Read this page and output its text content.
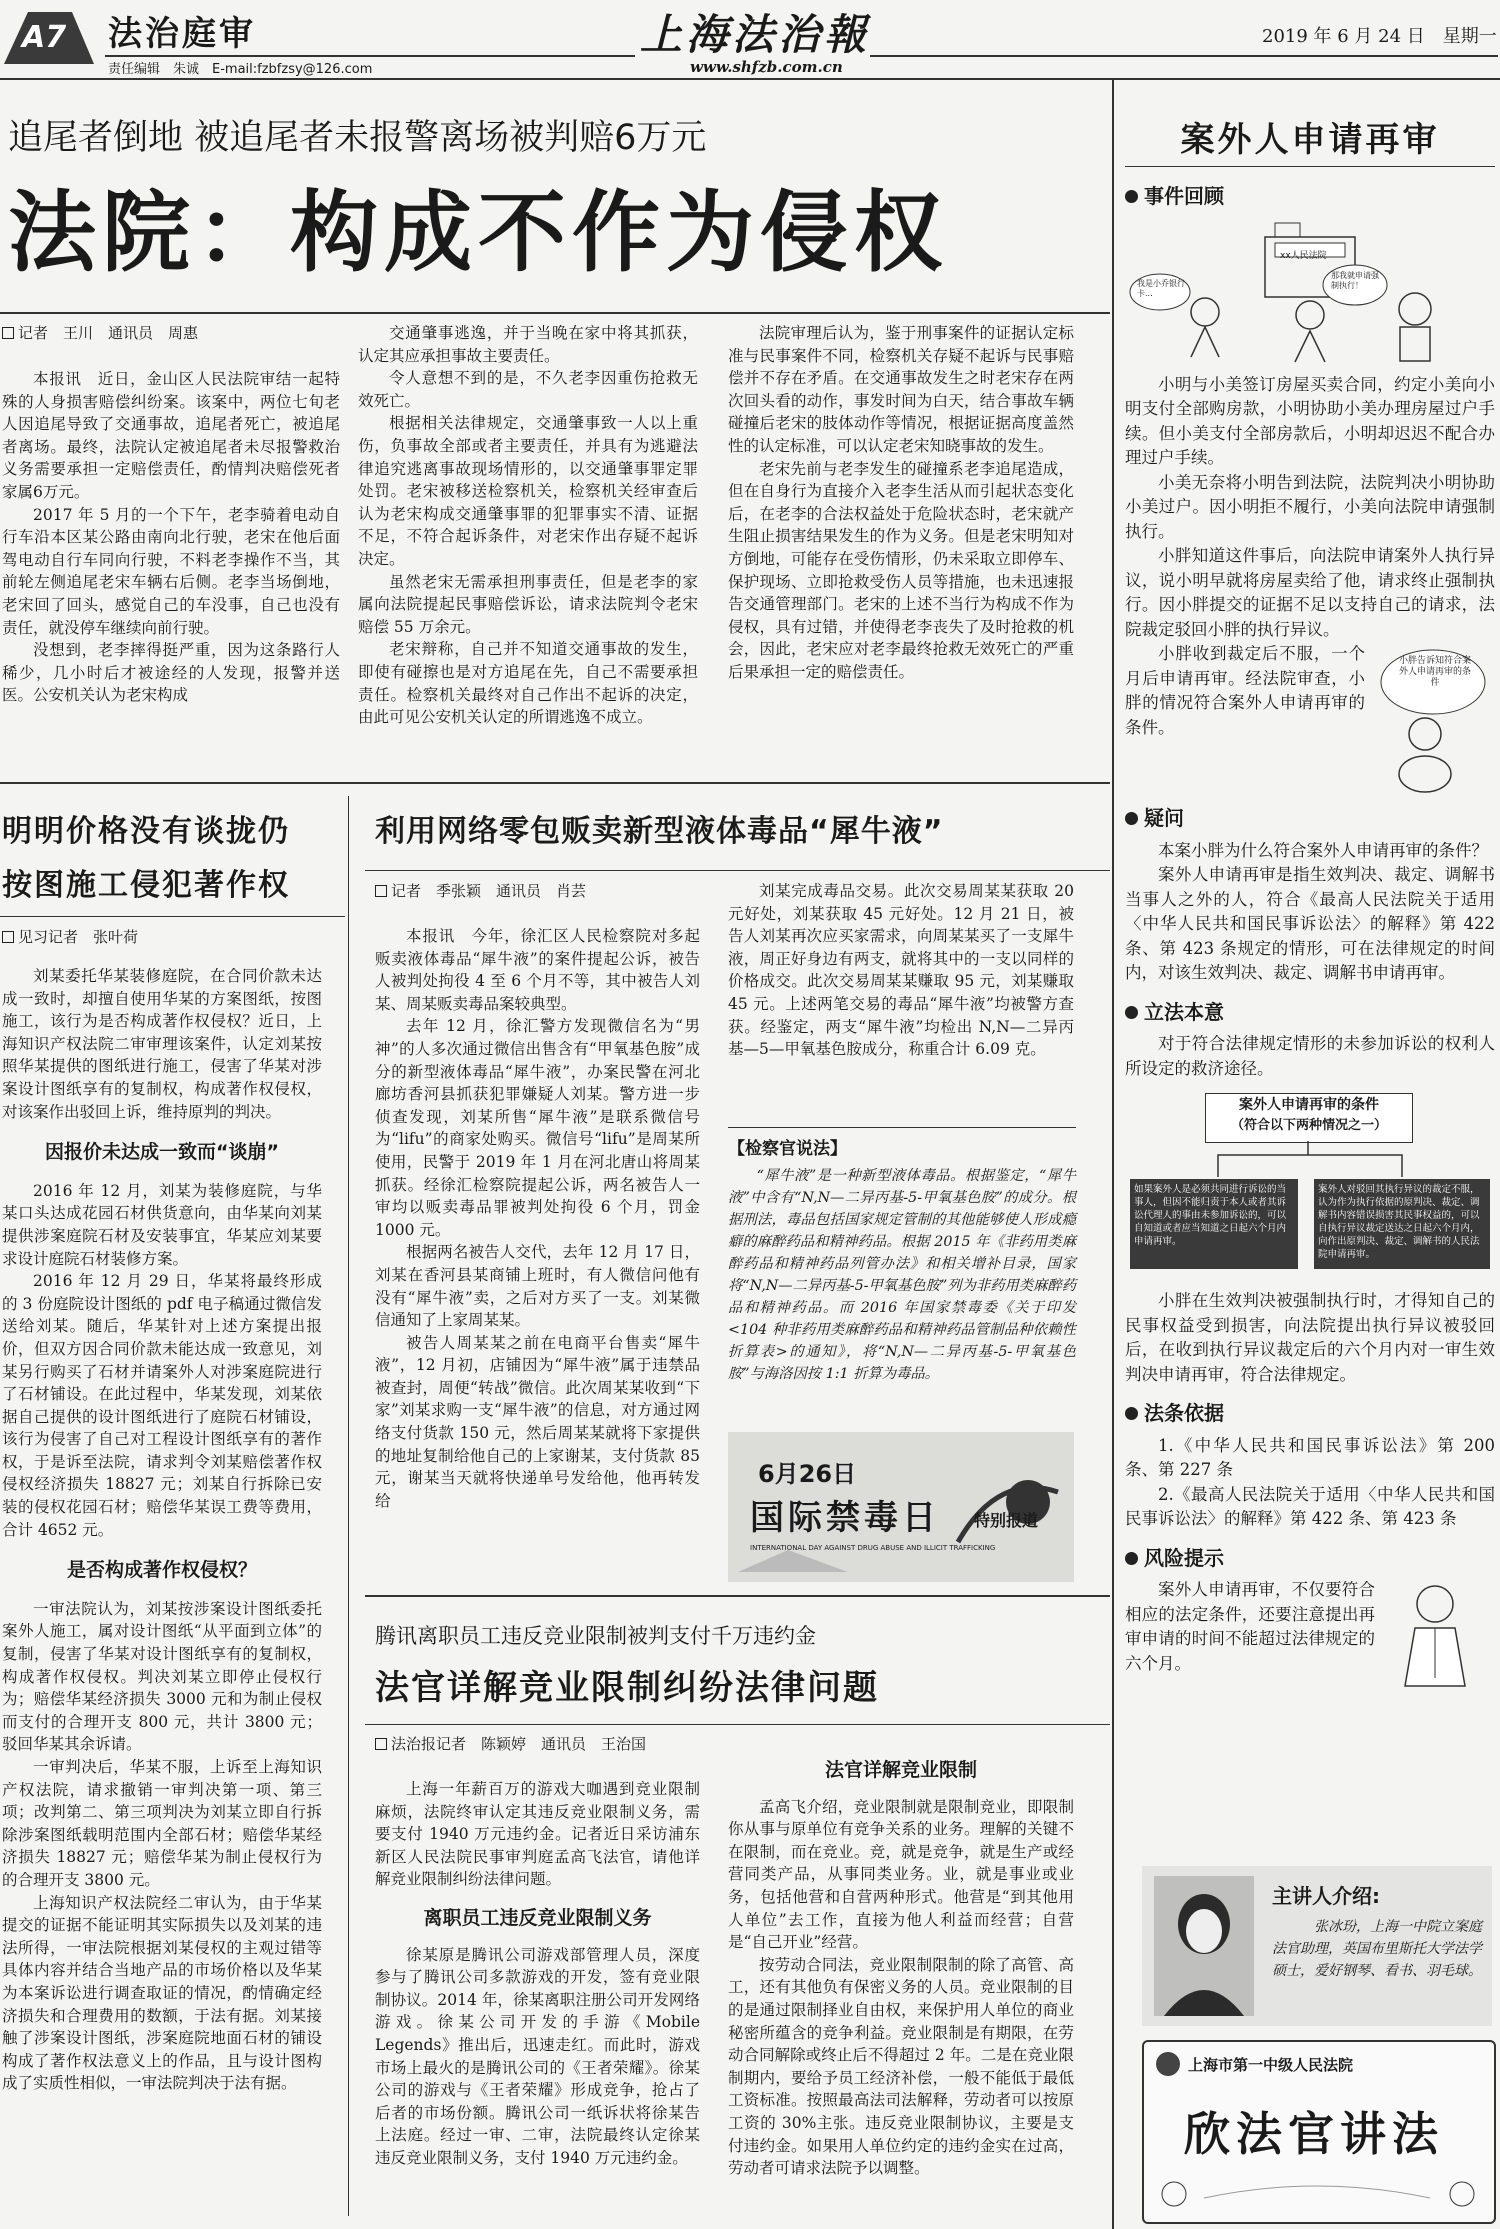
A7 法治庭审
责任编辑　朱诚　E-mail:fzbfzsy@126.com
上海法治報
www.shfzb.com.cn
2019 年 6 月 24 日　星期一
追尾者倒地 被追尾者未报警离场被判赔6万元
法院：构成不作为侵权
记者　王川　通讯员　周惠

本报讯　近日，金山区人民法院审结一起特殊的人身损害赔偿纠纷案。该案中，两位七旬老人因追尾导致了交通事故，追尾者死亡，被追尾者离场。最终，法院认定被追尾者未尽报警救治义务需要承担一定赔偿责任，酌情判决赔偿死者家属6万元。

2017 年 5 月的一个下午，老李骑着电动自行车沿本区某公路由南向北行驶，老宋在他后面驾电动自行车同向行驶，不料老李操作不当，其前轮左侧追尾老宋车辆右后侧。老李当场倒地，老宋回了回头，感觉自己的车没事，自己也没有责任，就没停车继续向前行驶。

没想到，老李摔得挺严重，因为这条路行人稀少，几小时后才被途经的人发现，报警并送医。公安机关认为老宋构成

交通肇事逃逸，并于当晚在家中将其抓获，认定其应承担事故主要责任。

令人意想不到的是，不久老李因重伤抢救无效死亡。

根据相关法律规定，交通肇事致一人以上重伤，负事故全部或者主要责任，并具有为逃避法律追究逃离事故现场情形的，以交通肇事罪定罪处罚。老宋被移送检察机关，检察机关经审查后认为老宋构成交通肇事罪的犯罪事实不清、证据不足，不符合起诉条件，对老宋作出存疑不起诉决定。

虽然老宋无需承担刑事责任，但是老李的家属向法院提起民事赔偿诉讼，请求法院判令老宋赔偿 55 万余元。

老宋辩称，自己并不知道交通事故的发生，即使有碰擦也是对方追尾在先，自己不需要承担责任。检察机关最终对自己作出不起诉的决定，由此可见公安机关认定的所谓逃逸不成立。

法院审理后认为，鉴于刑事案件的证据认定标准与民事案件不同，检察机关存疑不起诉与民事赔偿并不存在矛盾。在交通事故发生之时老宋存在两次回头看的动作，事发时间为白天，结合事故车辆碰撞后老宋的肢体动作等情况，根据证据高度盖然性的认定标准，可以认定老宋知晓事故的发生。

老宋先前与老李发生的碰撞系老李追尾造成，但在自身行为直接介入老李生活从而引起状态变化后，在老李的合法权益处于危险状态时，老宋就产生阻止损害结果发生的作为义务。但是老宋明知对方倒地，可能存在受伤情形，仍未采取立即停车、保护现场、立即抢救受伤人员等措施，也未迅速报告交通管理部门。老宋的上述不当行为构成不作为侵权，具有过错，并使得老李丧失了及时抢救的机会，因此，老宋应对老李最终抢救无效死亡的严重后果承担一定的赔偿责任。

明明价格没有谈拢仍
按图施工侵犯著作权
见习记者　张叶荷

刘某委托华某装修庭院，在合同价款未达成一致时，却擅自使用华某的方案图纸，按图施工，该行为是否构成著作权侵权？近日，上海知识产权法院二审审理该案件，认定刘某按照华某提供的图纸进行施工，侵害了华某对涉案设计图纸享有的复制权，构成著作权侵权，对该案作出驳回上诉，维持原判的判决。

因报价未达成一致而“谈崩”

2016 年 12 月，刘某为装修庭院，与华某口头达成花园石材供货意向，由华某向刘某提供涉案庭院石材及安装事宜，华某应刘某要求设计庭院石材装修方案。

2016 年 12 月 29 日，华某将最终形成的 3 份庭院设计图纸的 pdf 电子稿通过微信发送给刘某。随后，华某针对上述方案提出报价，但双方因合同价款未能达成一致意见，刘某另行购买了石材并请案外人对涉案庭院进行了石材铺设。在此过程中，华某发现，刘某依据自己提供的设计图纸进行了庭院石材铺设，该行为侵害了自己对工程设计图纸享有的著作权，于是诉至法院，请求判令刘某赔偿著作权侵权经济损失 18827 元；刘某自行拆除已安装的侵权花园石材；赔偿华某误工费等费用，合计 4652 元。

是否构成著作权侵权？

一审法院认为，刘某按涉案设计图纸委托案外人施工，属对设计图纸“从平面到立体”的复制，侵害了华某对设计图纸享有的复制权，构成著作权侵权。判决刘某立即停止侵权行为；赔偿华某经济损失 3000 元和为制止侵权而支付的合理开支 800 元，共计 3800 元；驳回华某其余诉请。

一审判决后，华某不服，上诉至上海知识产权法院，请求撤销一审判决第一项、第三项；改判第二、第三项判决为刘某立即自行拆除涉案图纸载明范围内全部石材；赔偿华某经济损失 18827 元；赔偿华某为制止侵权行为的合理开支 3800 元。

上海知识产权法院经二审认为，由于华某提交的证据不能证明其实际损失以及刘某的违法所得，一审法院根据刘某侵权的主观过错等具体内容并结合当地产品的市场价格以及华某为本案诉讼进行调查取证的情况，酌情确定经济损失和合理费用的数额，于法有据。刘某接触了涉案设计图纸，涉案庭院地面石材的铺设构成了著作权法意义上的作品，且与设计图构成了实质性相似，一审法院判决于法有据。

利用网络零包贩卖新型液体毒品“犀牛液”
记者　季张颖　通讯员　肖芸

本报讯　今年，徐汇区人民检察院对多起贩卖液体毒品“犀牛液”的案件提起公诉，被告人被判处拘役 4 至 6 个月不等，其中被告人刘某、周某贩卖毒品案较典型。

去年 12 月，徐汇警方发现微信名为“男神”的人多次通过微信出售含有“甲氧基色胺”成分的新型液体毒品“犀牛液”，办案民警在河北廊坊香河县抓获犯罪嫌疑人刘某。警方进一步侦查发现，刘某所售“犀牛液”是联系微信号为“lifu”的商家处购买。微信号“lifu”是周某所使用，民警于 2019 年 1 月在河北唐山将周某抓获。经徐汇检察院提起公诉，两名被告人一审均以贩卖毒品罪被判处拘役 6 个月，罚金 1000 元。

根据两名被告人交代，去年 12 月 17 日，刘某在香河县某商铺上班时，有人微信问他有没有“犀牛液”卖，之后对方买了一支。刘某微信通知了上家周某某。

被告人周某某之前在电商平台售卖“犀牛液”，12 月初，店铺因为“犀牛液”属于违禁品被查封，周便“转战”微信。此次周某某收到“下家”刘某求购一支“犀牛液”的信息，对方通过网络支付货款 150 元，然后周某某就将下家提供的地址复制给他自己的上家谢某，支付货款 85 元，谢某当天就将快递单号发给他，他再转发给

刘某完成毒品交易。此次交易周某某获取 20 元好处，刘某获取 45 元好处。12 月 21 日，被告人刘某再次应买家需求，向周某某买了一支犀牛液，周正好身边有两支，就将其中的一支以同样的价格成交。此次交易周某某赚取 95 元，刘某赚取 45 元。上述两笔交易的毒品“犀牛液”均被警方查获。经鉴定，两支“犀牛液”均检出 N,N—二异丙基—5—甲氧基色胺成分，称重合计 6.09 克。

【检察官说法】
“犀牛液”是一种新型液体毒品。根据鉴定，“犀牛液”中含有“N,N—二异丙基-5-甲氧基色胺”的成分。根据刑法，毒品包括国家规定管制的其他能够使人形成瘾癖的麻醉药品和精神药品。根据 2015 年《非药用类麻醉药品和精神药品列管办法》和相关增补目录，国家将“N,N—二异丙基-5-甲氧基色胺”列为非药用类麻醉药品和精神药品。而 2016 年国家禁毒委《关于印发<104 种非药用类麻醉药品和精神药品管制品种依赖性折算表>的通知》，将“N,N—二异丙基-5-甲氧基色胺”与海洛因按 1:1 折算为毒品。
6月26日
国际禁毒日 特别报道
INTERNATIONAL DAY AGAINST DRUG ABUSE AND ILLICIT TRAFFICKING
腾讯离职员工违反竞业限制被判支付千万违约金
法官详解竞业限制纠纷法律问题
法治报记者　陈颖婷　通讯员　王治国

上海一年薪百万的游戏大咖遇到竞业限制麻烦，法院终审认定其违反竞业限制义务，需要支付 1940 万元违约金。记者近日采访浦东新区人民法院民事审判庭孟高飞法官，请他详解竞业限制纠纷法律问题。

离职员工违反竞业限制义务

徐某原是腾讯公司游戏部管理人员，深度参与了腾讯公司多款游戏的开发，签有竞业限制协议。2014 年，徐某离职注册公司开发网络游戏。徐某公司开发的手游《Mobile　Legends》推出后，迅速走红。而此时，游戏市场上最火的是腾讯公司的《王者荣耀》。徐某公司的游戏与《王者荣耀》形成竞争，抢占了后者的市场份额。腾讯公司一纸诉状将徐某告上法庭。经过一审、二审，法院最终认定徐某违反竞业限制义务，支付 1940 万元违约金。

法官详解竞业限制

孟高飞介绍，竞业限制就是限制竞业，即限制你从事与原单位有竞争关系的业务。理解的关键不在限制，而在竞业。竞，就是竞争，就是生产或经营同类产品，从事同类业务。业，就是事业或业务，包括他营和自营两种形式。他营是“到其他用人单位”去工作，直接为他人利益而经营；自营是“自己开业”经营。

按劳动合同法，竞业限制限制的除了高管、高工，还有其他负有保密义务的人员。竞业限制的目的是通过限制择业自由权，来保护用人单位的商业秘密所蕴含的竞争利益。竞业限制是有期限，在劳动合同解除或终止后不得超过 2 年。二是在竞业限制期内，要给予员工经济补偿，一般不能低于最低工资标准。按照最高法司法解释，劳动者可以按原工资的 30%主张。违反竞业限制协议，主要是支付违约金。如果用人单位约定的违约金实在过高，劳动者可请求法院予以调整。

案外人申请再审
事件回顾
xx人民法院
我是小乔银行卡...
那我就申请强制执行！

小明与小美签订房屋买卖合同，约定小美向小明支付全部购房款，小明协助小美办理房屋过户手续。但小美支付全部房款后，小明却迟迟不配合办理过户手续。

小美无奈将小明告到法院，法院判决小明协助小美过户。因小明拒不履行，小美向法院申请强制执行。

小胖知道这件事后，向法院申请案外人执行异议，说小明早就将房屋卖给了他，请求终止强制执行。因小胖提交的证据不足以支持自己的请求，法院裁定驳回小胖的执行异议。

小胖告诉知符合案外人申请再审的条件

小胖收到裁定后不服，一个月后申请再审。经法院审查，小胖的情况符合案外人申请再审的条件。

疑问

本案小胖为什么符合案外人申请再审的条件？

案外人申请再审是指生效判决、裁定、调解书当事人之外的人，符合《最高人民法院关于适用〈中华人民共和国民事诉讼法〉的解释》第 422 条、第 423 条规定的情形，可在法律规定的时间内，对该生效判决、裁定、调解书申请再审。

立法本意

对于符合法律规定情形的未参加诉讼的权利人所设定的救济途径。

案外人申请再审的条件
（符合以下两种情况之一）
如果案外人是必须共同进行诉讼的当事人，但因不能归责于本人或者其诉讼代理人的事由未参加诉讼的，可以自知道或者应当知道之日起六个月内申请再审。
案外人对驳回其执行异议的裁定不服，认为作为执行依据的原判决、裁定、调解书内容错误损害其民事权益的，可以自执行异议裁定送达之日起六个月内，向作出原判决、裁定、调解书的人民法院申请再审。

小胖在生效判决被强制执行时，才得知自己的民事权益受到损害，向法院提出执行异议被驳回后，在收到执行异议裁定后的六个月内对一审生效判决申请再审，符合法律规定。

法条依据

1.《中华人民共和国民事诉讼法》第 200 条、第 227 条

2.《最高人民法院关于适用〈中华人民共和国民事诉讼法〉的解释》第 422 条、第 423 条

风险提示

案外人申请再审，不仅要符合相应的法定条件，还要注意提出再审申请的时间不能超过法律规定的六个月。

主讲人介绍:
张冰玢，上海一中院立案庭法官助理，英国布里斯托大学法学硕士，爱好钢琴、看书、羽毛球。
上海市第一中级人民法院
欣法官讲法
